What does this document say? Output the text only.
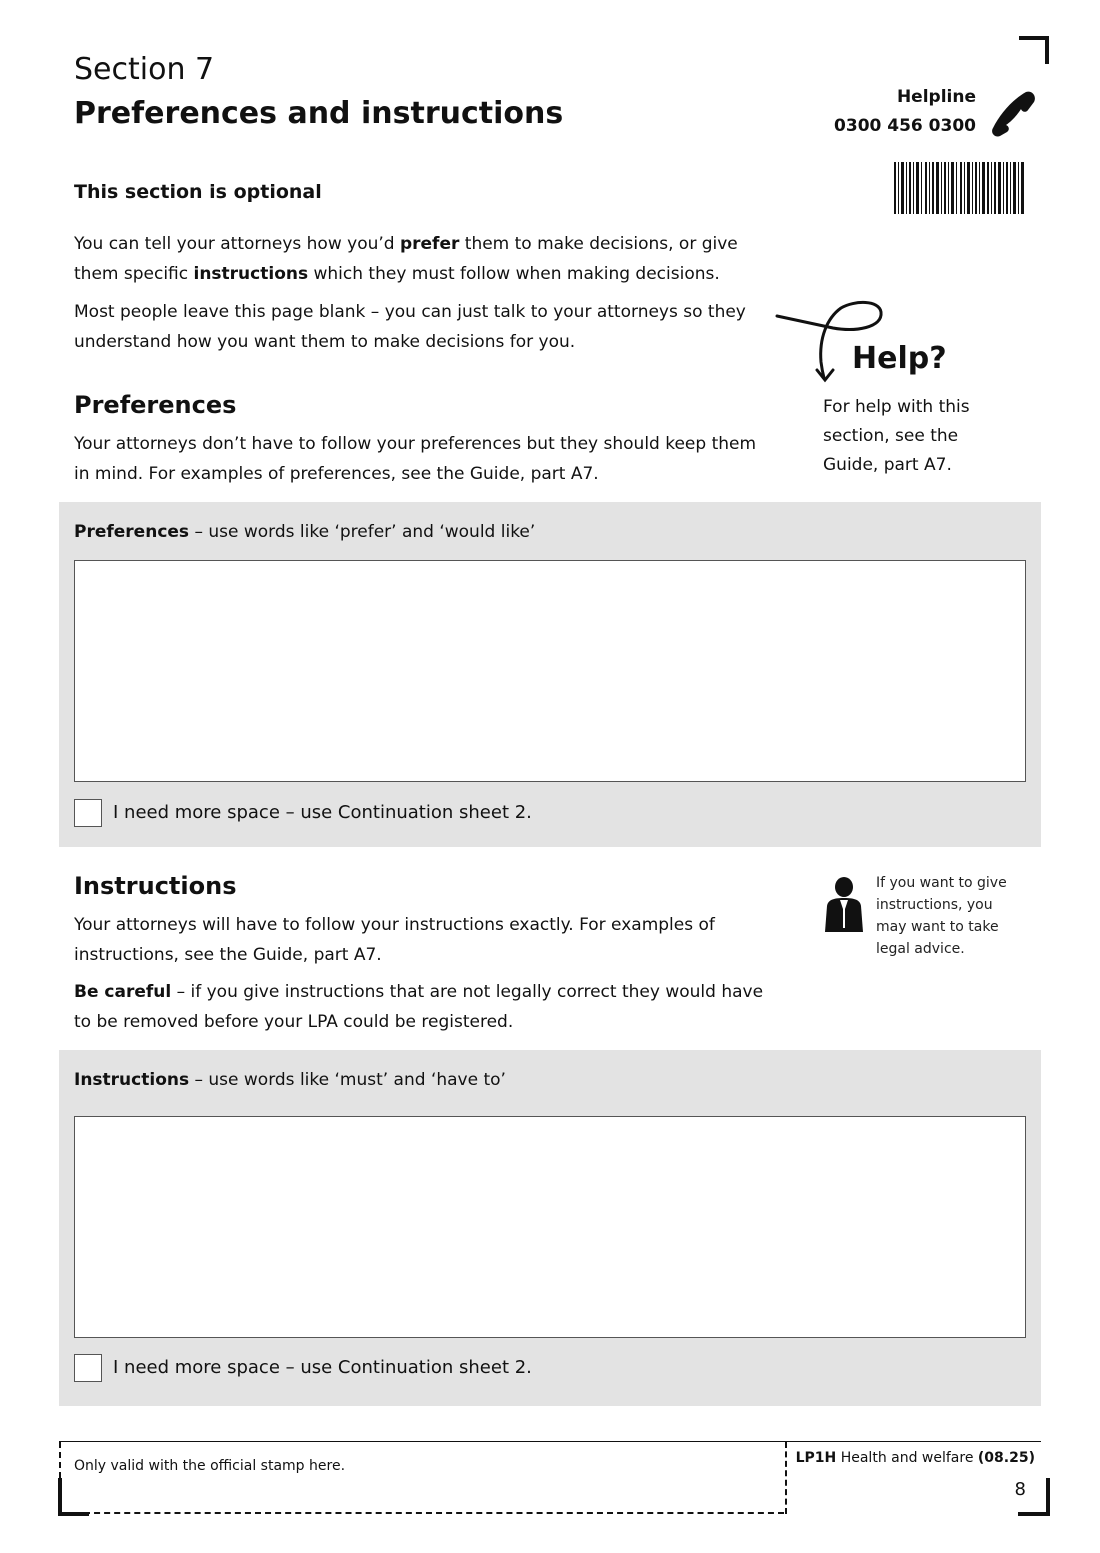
Section 7
Preferences and instructions	Helpline
0300 456 0300
This section is optional

You can tell your attorneys how you’d prefer them to make decisions, or give them specific instructions which they must follow when making decisions.

Most people leave this page blank – you can just talk to your attorneys so they understand how you want them to make decisions for you.	Help?
For help with this section, see the Guide, part A7.
Preferences

Your attorneys don’t have to follow your preferences but they should keep them in mind. For examples of preferences, see the Guide, part A7.

Preferences – use words like ‘prefer’ and ‘would like’
I need more space – use Continuation sheet 2.
Instructions

Your attorneys will have to follow your instructions exactly. For examples of instructions, see the Guide, part A7.

Be careful – if you give instructions that are not legally correct they would have to be removed before your LPA could be registered.

If you want to give instructions, you may want to take legal advice.
Instructions – use words like ‘must’ and ‘have to’
I need more space – use Continuation sheet 2.
Only valid with the official stamp here.	LP1H Health and welfare (08.25)
8
